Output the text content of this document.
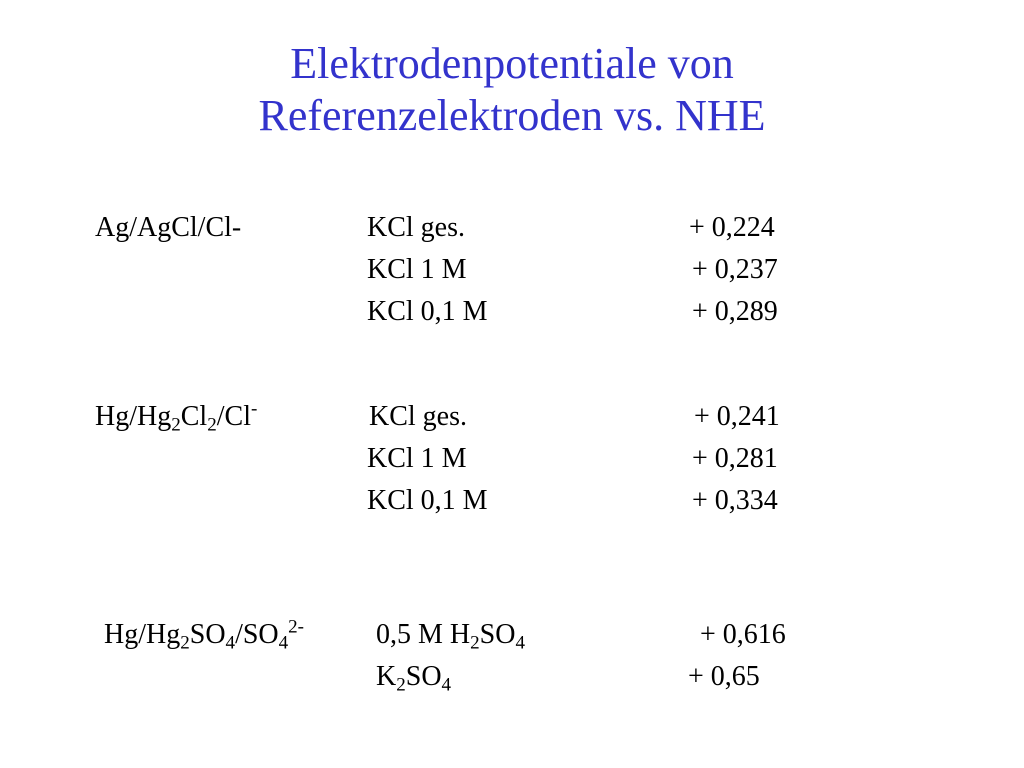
Elektrodenpotentiale von
Referenzelektroden vs. NHE
Ag/AgCl/Cl-	KCl ges.	+ 0,224
KCl 1 M	+ 0,237
KCl 0,1 M	+ 0,289
$Hg/Hg_2Cl_2/Cl^-$	KCl ges.	+ 0,241
KCl 1 M	+ 0,281
KCl 0,1 M	+ 0,334
$Hg/Hg_2SO_4/SO_4^{2-}$	0,5 M $H_2SO_4$	+ 0,616
$K_2SO_4$	+ 0,65
